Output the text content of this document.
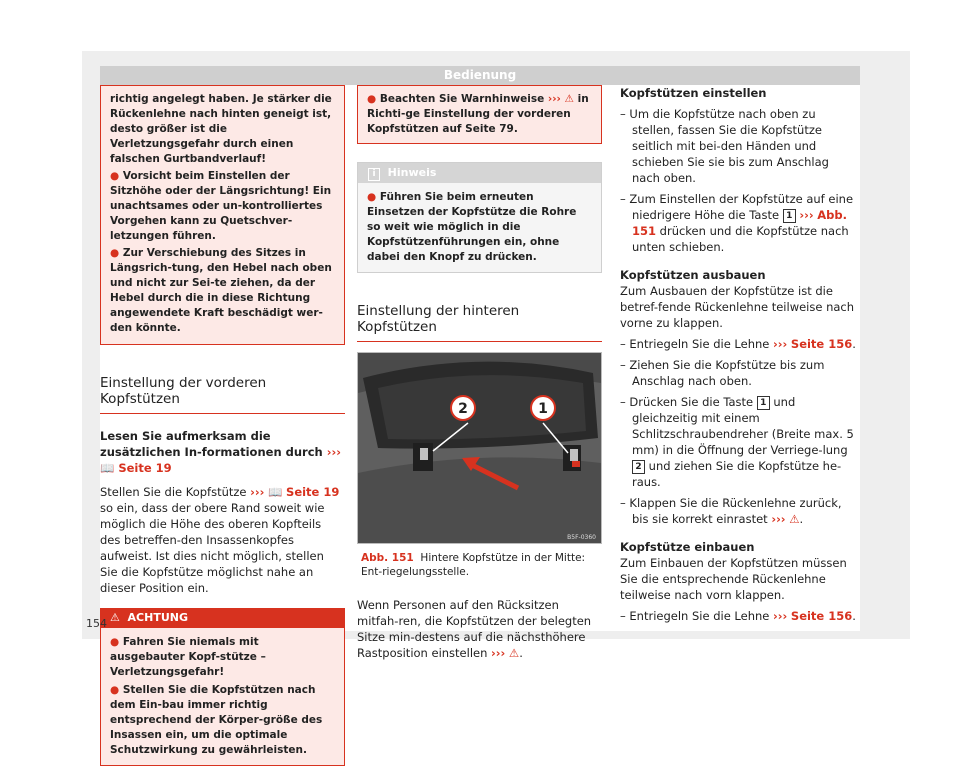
Bedienung

richtig angelegt haben. Je stärker die Rückenlehne nach hinten geneigt ist, desto größer ist die Verletzungsgefahr durch einen falschen Gurtbandverlauf!

● Vorsicht beim Einstellen der Sitzhöhe oder der Längsrichtung! Ein unachtsames oder un-kontrolliertes Vorgehen kann zu Quetschver-letzungen führen.

● Zur Verschiebung des Sitzes in Längsrich-tung, den Hebel nach oben und nicht zur Sei-te ziehen, da der Hebel durch die in diese Richtung angewendete Kraft beschädigt wer-den könnte.

Einstellung der vorderen Kopfstützen
Lesen Sie aufmerksam die zusätzlichen In-formationen durch ››› 📖 Seite 19
Stellen Sie die Kopfstütze ››› 📖 Seite 19 so ein, dass der obere Rand soweit wie möglich die Höhe des oberen Kopfteils des betreffen-den Insassenkopfes aufweist. Ist dies nicht möglich, stellen Sie die Kopfstütze möglichst nahe an dieser Position ein.
⚠ ACHTUNG

● Fahren Sie niemals mit ausgebauter Kopf-stütze – Verletzungsgefahr!

● Stellen Sie die Kopfstützen nach dem Ein-bau immer richtig entsprechend der Körper-größe des Insassen ein, um die optimale Schutzwirkung zu gewährleisten.

● Beachten Sie Warnhinweise ››› ⚠ in Richti-ge Einstellung der vorderen Kopfstützen auf Seite 79.
i Hinweis
● Führen Sie beim erneuten Einsetzen der Kopfstütze die Rohre so weit wie möglich in die Kopfstützenführungen ein, ohne dabei den Knopf zu drücken.
Einstellung der hinteren Kopfstützen
1
2
B5F-0360
Abb. 151 Hintere Kopfstütze in der Mitte: Ent-riegelungsstelle.
Wenn Personen auf den Rücksitzen mitfah-ren, die Kopfstützen der belegten Sitze min-destens auf die nächsthöhere Rastposition einstellen ››› ⚠.
Kopfstützen einstellen
– Um die Kopfstütze nach oben zu stellen, fassen Sie die Kopfstütze seitlich mit bei-den Händen und schieben Sie sie bis zum Anschlag nach oben.
– Zum Einstellen der Kopfstütze auf eine niedrigere Höhe die Taste 1 ››› Abb. 151 drücken und die Kopfstütze nach unten schieben.
Kopfstützen ausbauen
Zum Ausbauen der Kopfstütze ist die betref-fende Rückenlehne teilweise nach vorne zu klappen.
– Entriegeln Sie die Lehne ››› Seite 156.
– Ziehen Sie die Kopfstütze bis zum Anschlag nach oben.
– Drücken Sie die Taste 1 und gleichzeitig mit einem Schlitzschraubendreher (Breite max. 5 mm) in die Öffnung der Verriege-lung 2 und ziehen Sie die Kopfstütze he-raus.
– Klappen Sie die Rückenlehne zurück, bis sie korrekt einrastet ››› ⚠.
Kopfstütze einbauen
Zum Einbauen der Kopfstützen müssen Sie die entsprechende Rückenlehne teilweise nach vorn klappen.
– Entriegeln Sie die Lehne ››› Seite 156.
154
